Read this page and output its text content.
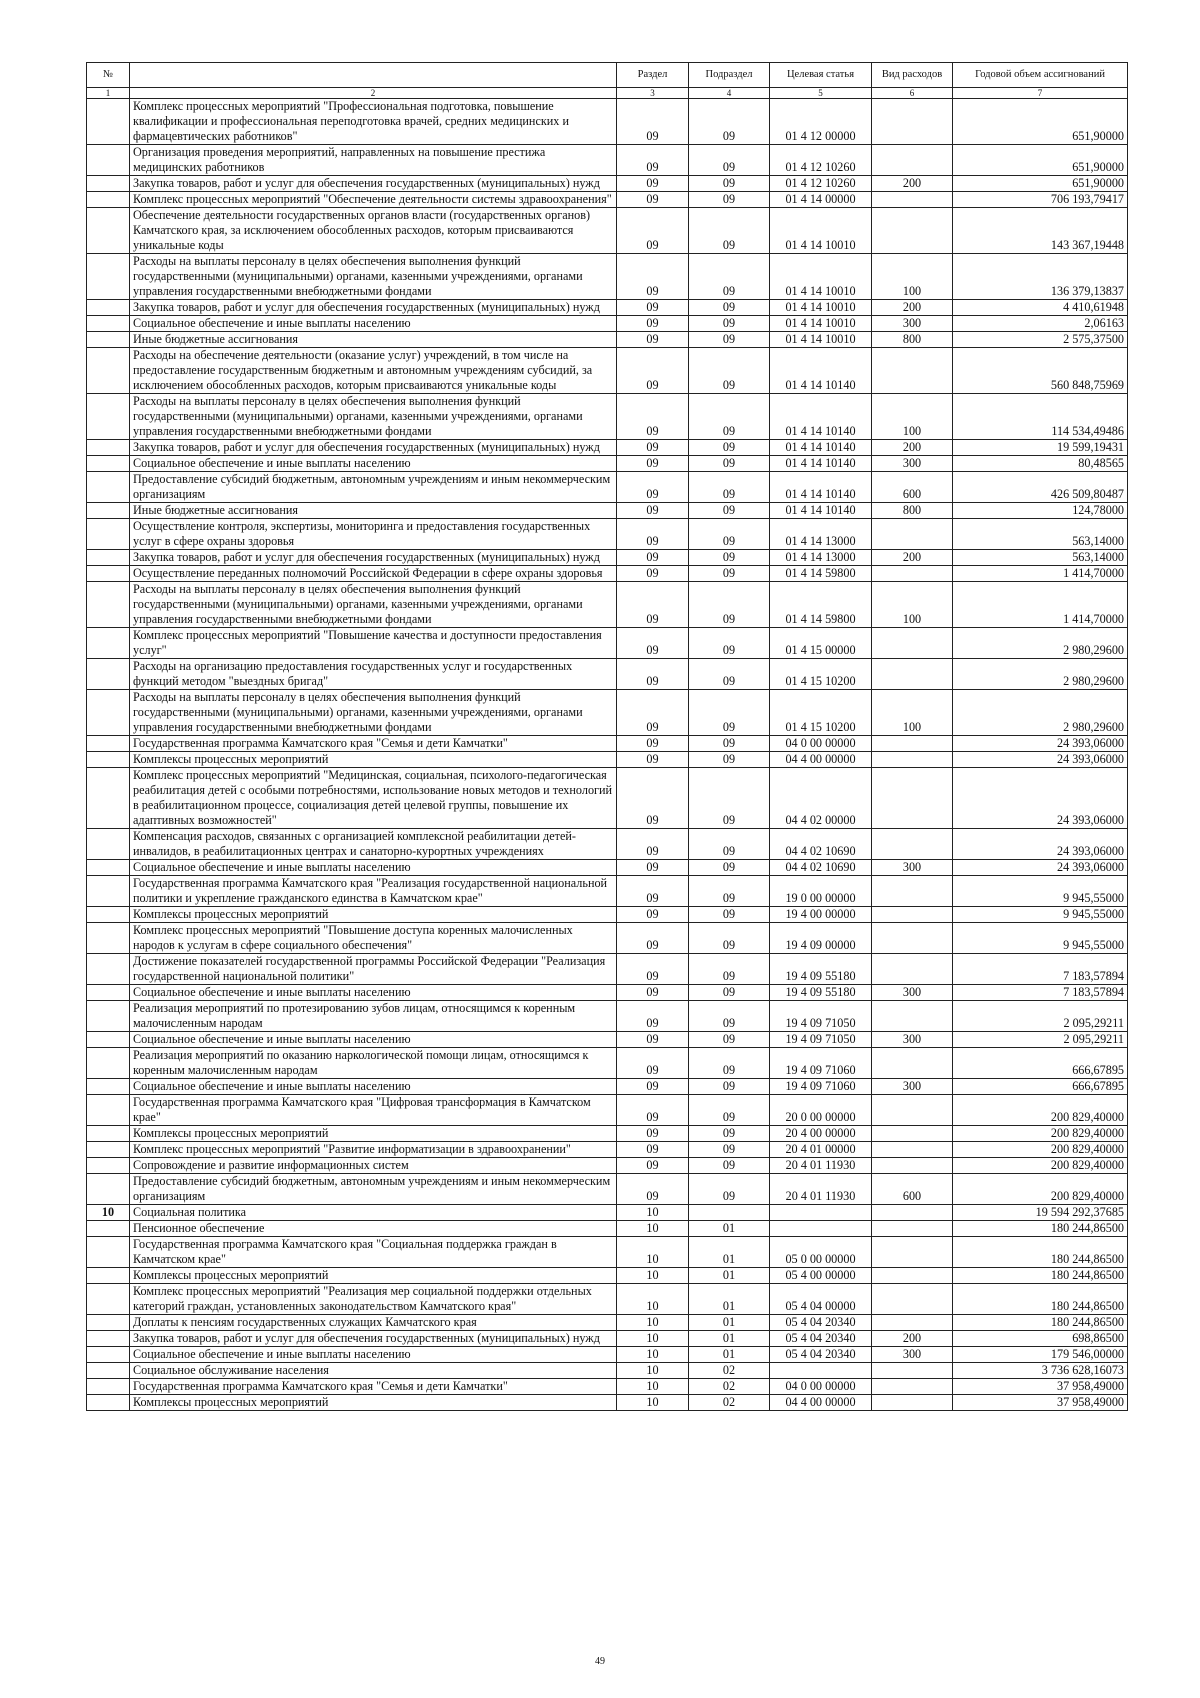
№		Раздел	Подраздел	Целевая статья	Вид расходов	Годовой объем ассигнований
1	2	3	4	5	6	7
	Комплекс процессных мероприятий "Профессиональная подготовка, повышение квалификации и профессиональная переподготовка врачей, средних медицинских и фармацевтических работников"	09	09	01 4 12 00000		651,90000
	Организация проведения мероприятий, направленных на повышение престижа медицинских работников	09	09	01 4 12 10260		651,90000
	Закупка товаров, работ и услуг для обеспечения государственных (муниципальных) нужд	09	09	01 4 12 10260	200	651,90000
	Комплекс процессных мероприятий "Обеспечение деятельности системы здравоохранения"	09	09	01 4 14 00000		706 193,79417
	Обеспечение деятельности государственных органов власти (государственных органов) Камчатского края, за исключением обособленных расходов, которым присваиваются уникальные коды	09	09	01 4 14 10010		143 367,19448
	Расходы на выплаты персоналу в целях обеспечения выполнения функций государственными (муниципальными) органами, казенными учреждениями, органами управления государственными внебюджетными фондами	09	09	01 4 14 10010	100	136 379,13837
	Закупка товаров, работ и услуг для обеспечения государственных (муниципальных) нужд	09	09	01 4 14 10010	200	4 410,61948
	Социальное обеспечение и иные выплаты населению	09	09	01 4 14 10010	300	2,06163
	Иные бюджетные ассигнования	09	09	01 4 14 10010	800	2 575,37500
	Расходы на обеспечение деятельности (оказание услуг) учреждений, в том числе на предоставление государственным бюджетным и автономным учреждениям субсидий, за исключением обособленных расходов, которым присваиваются уникальные коды	09	09	01 4 14 10140		560 848,75969
	Расходы на выплаты персоналу в целях обеспечения выполнения функций государственными (муниципальными) органами, казенными учреждениями, органами управления государственными внебюджетными фондами	09	09	01 4 14 10140	100	114 534,49486
	Закупка товаров, работ и услуг для обеспечения государственных (муниципальных) нужд	09	09	01 4 14 10140	200	19 599,19431
	Социальное обеспечение и иные выплаты населению	09	09	01 4 14 10140	300	80,48565
	Предоставление субсидий бюджетным, автономным учреждениям и иным некоммерческим организациям	09	09	01 4 14 10140	600	426 509,80487
	Иные бюджетные ассигнования	09	09	01 4 14 10140	800	124,78000
	Осуществление контроля, экспертизы, мониторинга и предоставления государственных услуг в сфере охраны здоровья	09	09	01 4 14 13000		563,14000
	Закупка товаров, работ и услуг для обеспечения государственных (муниципальных) нужд	09	09	01 4 14 13000	200	563,14000
	Осуществление переданных полномочий Российской Федерации в сфере охраны здоровья	09	09	01 4 14 59800		1 414,70000
	Расходы на выплаты персоналу в целях обеспечения выполнения функций государственными (муниципальными) органами, казенными учреждениями, органами управления государственными внебюджетными фондами	09	09	01 4 14 59800	100	1 414,70000
	Комплекс процессных мероприятий "Повышение качества и доступности предоставления услуг"	09	09	01 4 15 00000		2 980,29600
	Расходы на организацию предоставления государственных услуг и государственных функций методом "выездных бригад"	09	09	01 4 15 10200		2 980,29600
	Расходы на выплаты персоналу в целях обеспечения выполнения функций государственными (муниципальными) органами, казенными учреждениями, органами управления государственными внебюджетными фондами	09	09	01 4 15 10200	100	2 980,29600
	Государственная программа Камчатского края "Семья и дети Камчатки"	09	09	04 0 00 00000		24 393,06000
	Комплексы процессных мероприятий	09	09	04 4 00 00000		24 393,06000
	Комплекс процессных мероприятий "Медицинская, социальная, психолого-педагогическая реабилитация детей с особыми потребностями, использование новых методов и технологий в реабилитационном процессе, социализация детей целевой группы, повышение их адаптивных возможностей"	09	09	04 4 02 00000		24 393,06000
	Компенсация расходов, связанных с организацией комплексной реабилитации детей-инвалидов, в реабилитационных центрах и санаторно-курортных учреждениях	09	09	04 4 02 10690		24 393,06000
	Социальное обеспечение и иные выплаты населению	09	09	04 4 02 10690	300	24 393,06000
	Государственная программа Камчатского края "Реализация государственной национальной политики и укрепление гражданского единства в Камчатском крае"	09	09	19 0 00 00000		9 945,55000
	Комплексы процессных мероприятий	09	09	19 4 00 00000		9 945,55000
	Комплекс процессных мероприятий "Повышение доступа коренных малочисленных народов к услугам в сфере социального обеспечения"	09	09	19 4 09 00000		9 945,55000
	Достижение показателей государственной программы Российской Федерации "Реализация государственной национальной политики"	09	09	19 4 09 55180		7 183,57894
	Социальное обеспечение и иные выплаты населению	09	09	19 4 09 55180	300	7 183,57894
	Реализация мероприятий по протезированию зубов лицам, относящимся к коренным малочисленным народам	09	09	19 4 09 71050		2 095,29211
	Социальное обеспечение и иные выплаты населению	09	09	19 4 09 71050	300	2 095,29211
	Реализация мероприятий по оказанию наркологической помощи лицам, относящимся к коренным малочисленным народам	09	09	19 4 09 71060		666,67895
	Социальное обеспечение и иные выплаты населению	09	09	19 4 09 71060	300	666,67895
	Государственная программа Камчатского края "Цифровая трансформация в Камчатском крае"	09	09	20 0 00 00000		200 829,40000
	Комплексы процессных мероприятий	09	09	20 4 00 00000		200 829,40000
	Комплекс процессных мероприятий "Развитие информатизации в здравоохранении"	09	09	20 4 01 00000		200 829,40000
	Сопровождение и развитие информационных систем	09	09	20 4 01 11930		200 829,40000
	Предоставление субсидий бюджетным, автономным учреждениям и иным некоммерческим организациям	09	09	20 4 01 11930	600	200 829,40000
10	Социальная политика	10				19 594 292,37685
	Пенсионное обеспечение	10	01			180 244,86500
	Государственная программа Камчатского края "Социальная поддержка граждан в Камчатском крае"	10	01	05 0 00 00000		180 244,86500
	Комплексы процессных мероприятий	10	01	05 4 00 00000		180 244,86500
	Комплекс процессных мероприятий "Реализация мер социальной поддержки отдельных категорий граждан, установленных законодательством Камчатского края"	10	01	05 4 04 00000		180 244,86500
	Доплаты к пенсиям государственных служащих Камчатского края	10	01	05 4 04 20340		180 244,86500
	Закупка товаров, работ и услуг для обеспечения государственных (муниципальных) нужд	10	01	05 4 04 20340	200	698,86500
	Социальное обеспечение и иные выплаты населению	10	01	05 4 04 20340	300	179 546,00000
	Социальное обслуживание населения	10	02			3 736 628,16073
	Государственная программа Камчатского края "Семья и дети Камчатки"	10	02	04 0 00 00000		37 958,49000
	Комплексы процессных мероприятий	10	02	04 4 00 00000		37 958,49000
49
